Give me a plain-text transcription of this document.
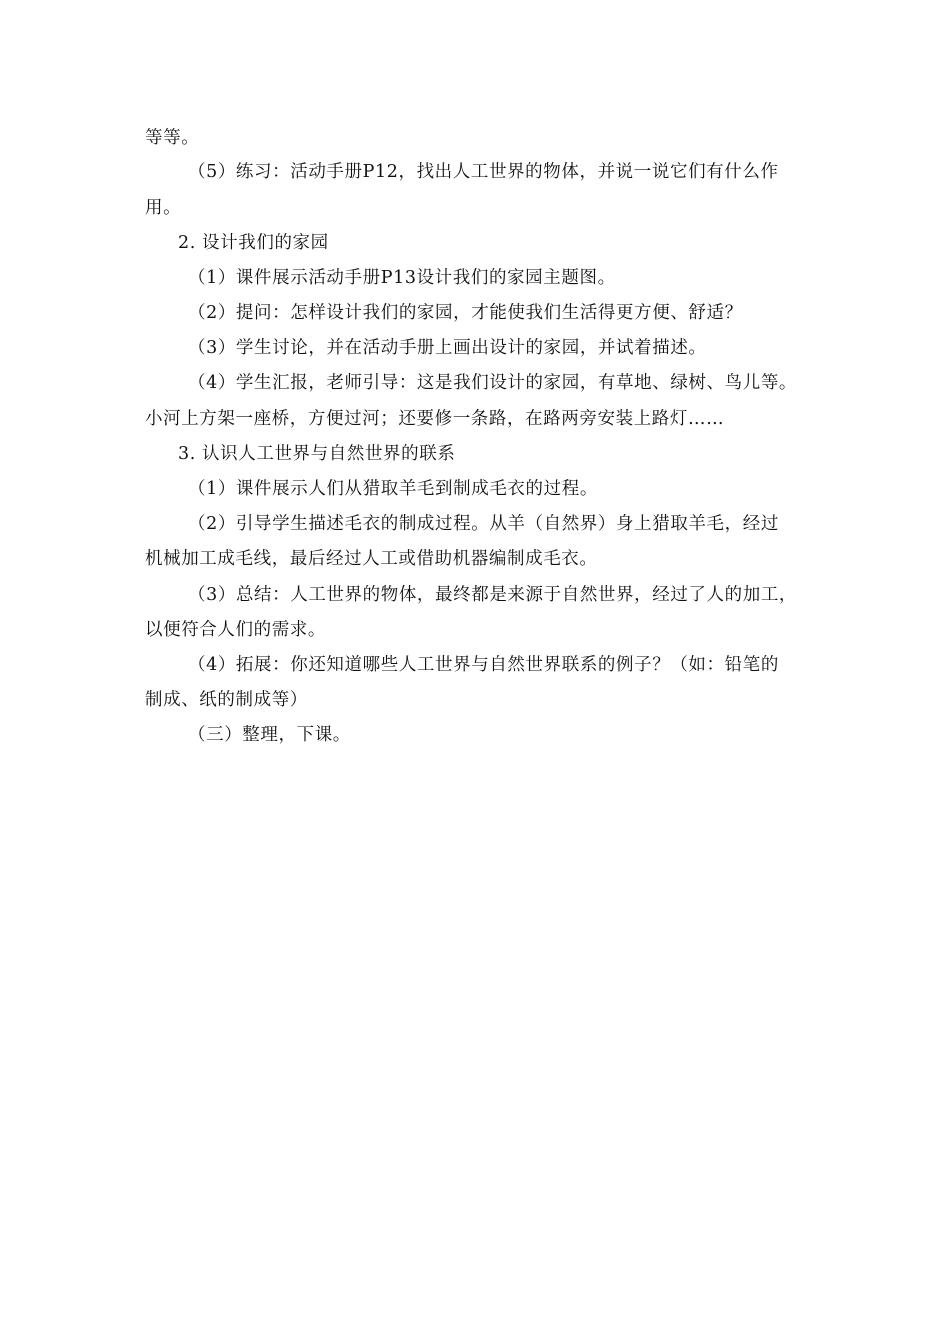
等等。
（5）练习：活动手册P12，找出人工世界的物体，并说一说它们有什么作
用。
2. 设计我们的家园
（1）课件展示活动手册P13设计我们的家园主题图。
（2）提问：怎样设计我们的家园，才能使我们生活得更方便、舒适？
（3）学生讨论，并在活动手册上画出设计的家园，并试着描述。
（4）学生汇报，老师引导：这是我们设计的家园，有草地、绿树、鸟儿等。
小河上方架一座桥，方便过河；还要修一条路，在路两旁安装上路灯……
3. 认识人工世界与自然世界的联系
（1）课件展示人们从猎取羊毛到制成毛衣的过程。
（2）引导学生描述毛衣的制成过程。从羊（自然界）身上猎取羊毛，经过
机械加工成毛线，最后经过人工或借助机器编制成毛衣。
（3）总结：人工世界的物体，最终都是来源于自然世界，经过了人的加工，
以便符合人们的需求。
（4）拓展：你还知道哪些人工世界与自然世界联系的例子？（如：铅笔的
制成、纸的制成等）
（三）整理，下课。
